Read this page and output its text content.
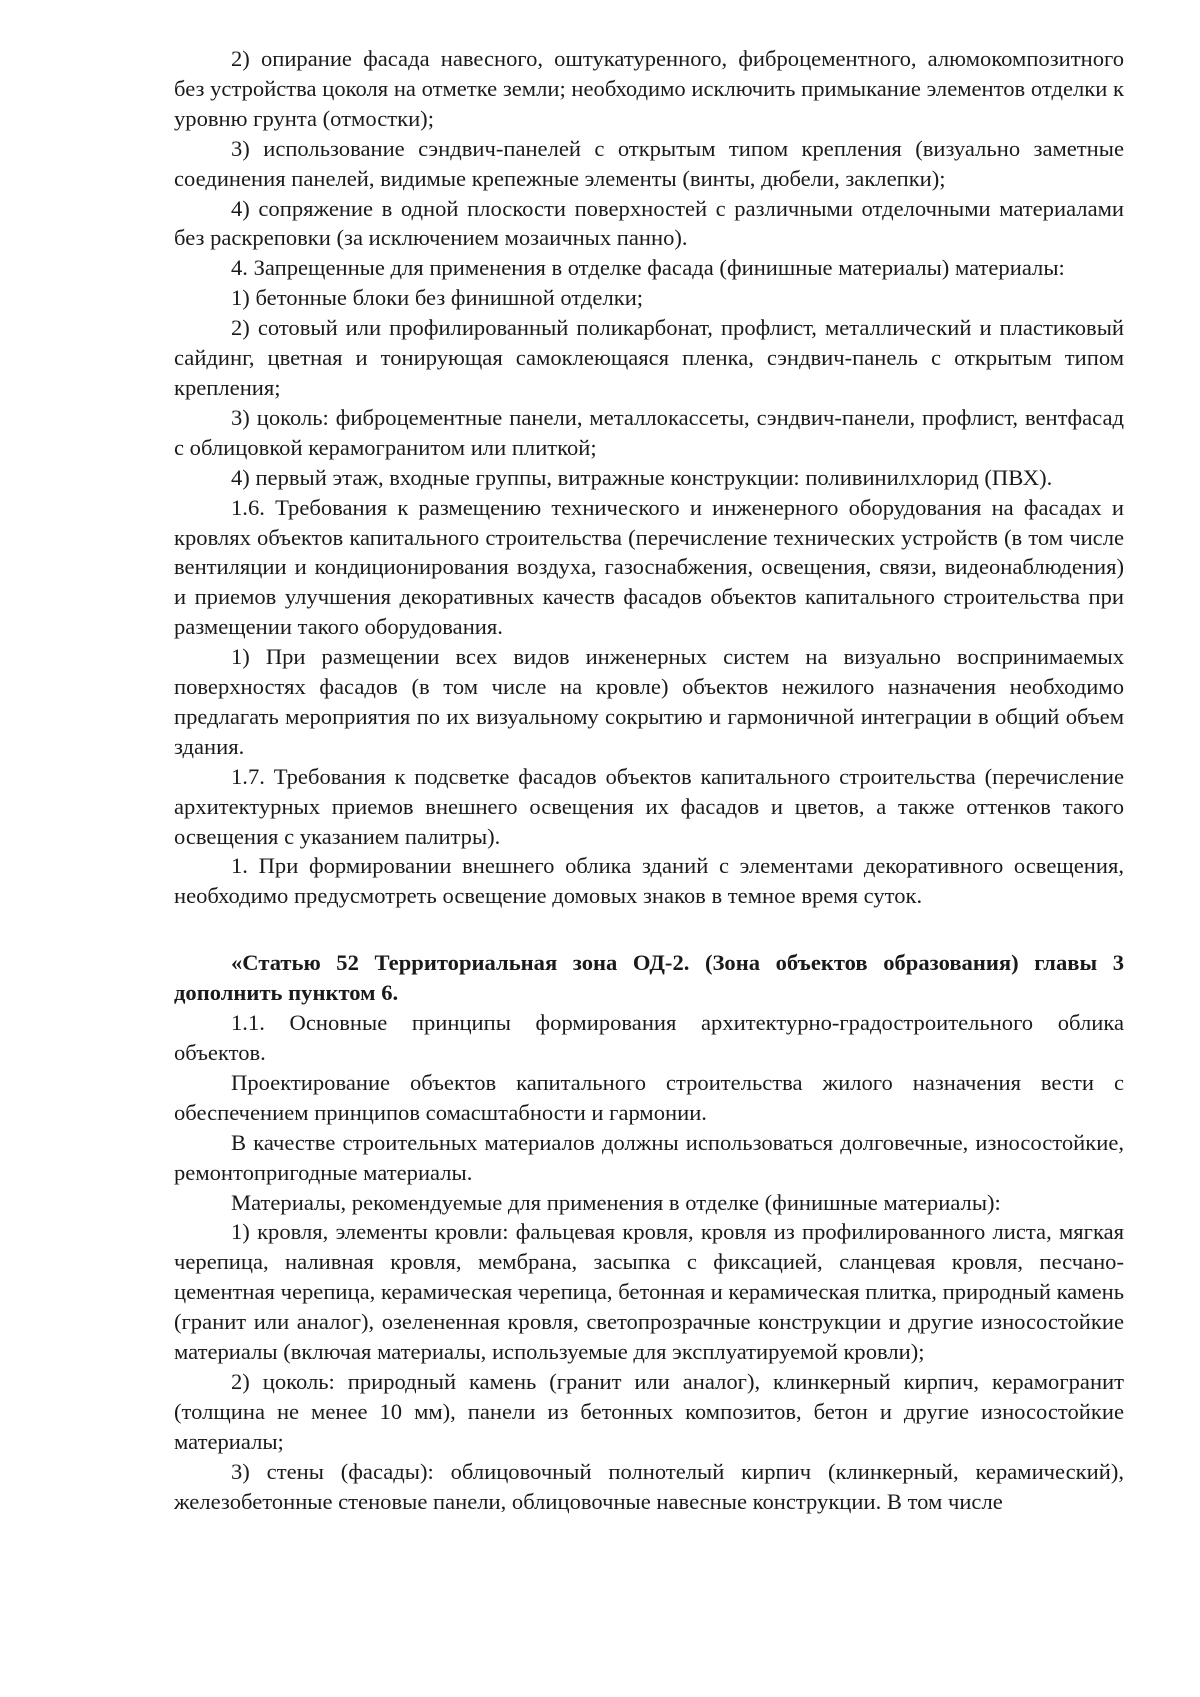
2) опирание фасада навесного, оштукатуренного, фиброцементного, алюмокомпозитного без устройства цоколя на отметке земли; необходимо исключить примыкание элементов отделки к уровню грунта (отмостки);

3) использование сэндвич-панелей с открытым типом крепления (визуально заметные соединения панелей, видимые крепежные элементы (винты, дюбели, заклепки);

4) сопряжение в одной плоскости поверхностей с различными отделочными материалами без раскреповки (за исключением мозаичных панно).

4. Запрещенные для применения в отделке фасада (финишные материалы) материалы:

1) бетонные блоки без финишной отделки;

2) сотовый или профилированный поликарбонат, профлист, металлический и пластиковый сайдинг, цветная и тонирующая самоклеющаяся пленка, сэндвич-панель с открытым типом крепления;

3) цоколь: фиброцементные панели, металлокассеты, сэндвич-панели, профлист, вентфасад с облицовкой керамогранитом или плиткой;

4) первый этаж, входные группы, витражные конструкции: поливинилхлорид (ПВХ).

1.6. Требования к размещению технического и инженерного оборудования на фасадах и кровлях объектов капитального строительства (перечисление технических устройств (в том числе вентиляции и кондиционирования воздуха, газоснабжения, освещения, связи, видеонаблюдения) и приемов улучшения декоративных качеств фасадов объектов капитального строительства при размещении такого оборудования.

1) При размещении всех видов инженерных систем на визуально воспринимаемых поверхностях фасадов (в том числе на кровле) объектов нежилого назначения необходимо предлагать мероприятия по их визуальному сокрытию и гармоничной интеграции в общий объем здания.

1.7. Требования к подсветке фасадов объектов капитального строительства (перечисление архитектурных приемов внешнего освещения их фасадов и цветов, а также оттенков такого освещения с указанием палитры).

1. При формировании внешнего облика зданий с элементами декоративного освещения, необходимо предусмотреть освещение домовых знаков в темное время суток.

«Статью 52 Территориальная зона ОД-2. (Зона объектов образования) главы 3 дополнить пунктом 6.

1.1. Основные принципы формирования архитектурно-градостроительного облика объектов.

Проектирование объектов капитального строительства жилого назначения вести с обеспечением принципов сомасштабности и гармонии.

В качестве строительных материалов должны использоваться долговечные, износостойкие, ремонтопригодные материалы.

Материалы, рекомендуемые для применения в отделке (финишные материалы):

1) кровля, элементы кровли: фальцевая кровля, кровля из профилированного листа, мягкая черепица, наливная кровля, мембрана, засыпка с фиксацией, сланцевая кровля, песчано-цементная черепица, керамическая черепица, бетонная и керамическая плитка, природный камень (гранит или аналог), озелененная кровля, светопрозрачные конструкции и другие износостойкие материалы (включая материалы, используемые для эксплуатируемой кровли);

2) цоколь: природный камень (гранит или аналог), клинкерный кирпич, керамогранит (толщина не менее 10 мм), панели из бетонных композитов, бетон и другие износостойкие материалы;

3) стены (фасады): облицовочный полнотелый кирпич (клинкерный, керамический), железобетонные стеновые панели, облицовочные навесные конструкции. В том числе
